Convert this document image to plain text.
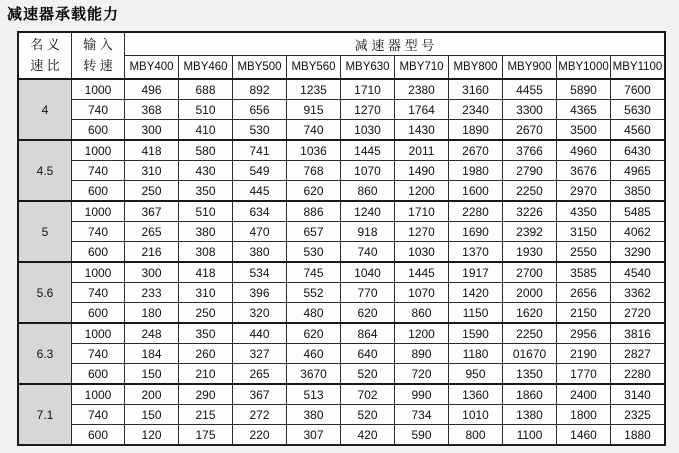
减速器承载能力
名 义
速 比

输 入
转 速
	减 速 器 型 号
		MBY400	MBY460	MBY500	MBY560	MBY630	MBY710	MBY800	MBY900	MBY1000	MBY1100
4	1000	496	688	892	1235	1710	2380	3160	4455	5890	7600
	740	368	510	656	915	1270	1764	2340	3300	4365	5630
	600	300	410	530	740	1030	1430	1890	2670	3500	4560
4.5	1000	418	580	741	1036	1445	2011	2670	3766	4960	6430
	740	310	430	549	768	1070	1490	1980	2790	3676	4965
	600	250	350	445	620	860	1200	1600	2250	2970	3850
5	1000	367	510	634	886	1240	1710	2280	3226	4350	5485
	740	265	380	470	657	918	1270	1690	2392	3150	4062
	600	216	308	380	530	740	1030	1370	1930	2550	3290
5.6	1000	300	418	534	745	1040	1445	1917	2700	3585	4540
	740	233	310	396	552	770	1070	1420	2000	2656	3362
	600	180	250	320	480	620	860	1150	1620	2150	2720
6.3	1000	248	350	440	620	864	1200	1590	2250	2956	3816
	740	184	260	327	460	640	890	1180	01670	2190	2827
	600	150	210	265	3670	520	720	950	1350	1770	2280
7.1	1000	200	290	367	513	702	990	1360	1860	2400	3140
	740	150	215	272	380	520	734	1010	1380	1800	2325
	600	120	175	220	307	420	590	800	1100	1460	1880
